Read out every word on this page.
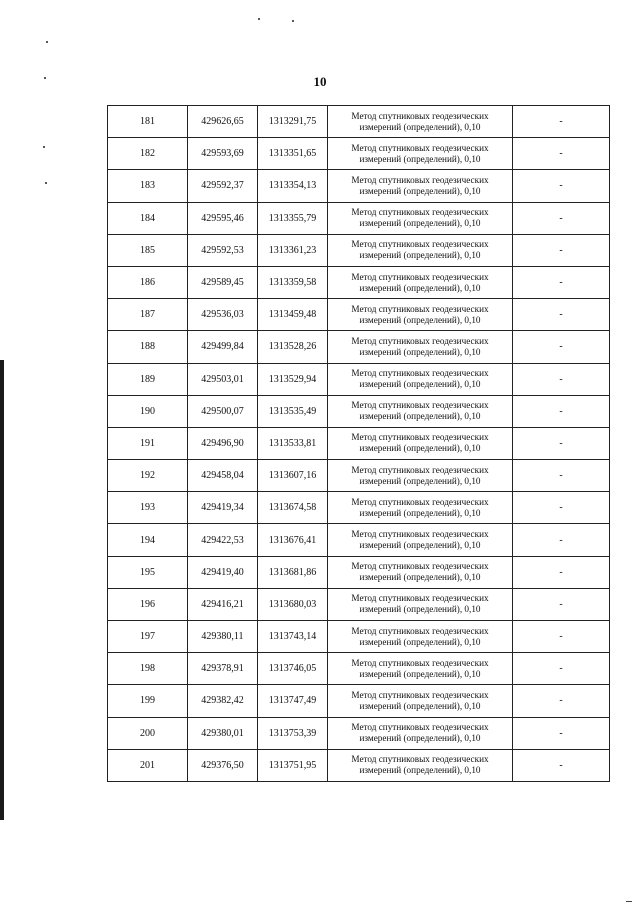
10
181	429626,65	1313291,75	Метод спутниковых геодезических
измерений (определений), 0,10	-
182	429593,69	1313351,65	Метод спутниковых геодезических
измерений (определений), 0,10	-
183	429592,37	1313354,13	Метод спутниковых геодезических
измерений (определений), 0,10	-
184	429595,46	1313355,79	Метод спутниковых геодезических
измерений (определений), 0,10	-
185	429592,53	1313361,23	Метод спутниковых геодезических
измерений (определений), 0,10	-
186	429589,45	1313359,58	Метод спутниковых геодезических
измерений (определений), 0,10	-
187	429536,03	1313459,48	Метод спутниковых геодезических
измерений (определений), 0,10	-
188	429499,84	1313528,26	Метод спутниковых геодезических
измерений (определений), 0,10	-
189	429503,01	1313529,94	Метод спутниковых геодезических
измерений (определений), 0,10	-
190	429500,07	1313535,49	Метод спутниковых геодезических
измерений (определений), 0,10	-
191	429496,90	1313533,81	Метод спутниковых геодезических
измерений (определений), 0,10	-
192	429458,04	1313607,16	Метод спутниковых геодезических
измерений (определений), 0,10	-
193	429419,34	1313674,58	Метод спутниковых геодезических
измерений (определений), 0,10	-
194	429422,53	1313676,41	Метод спутниковых геодезических
измерений (определений), 0,10	-
195	429419,40	1313681,86	Метод спутниковых геодезических
измерений (определений), 0,10	-
196	429416,21	1313680,03	Метод спутниковых геодезических
измерений (определений), 0,10	-
197	429380,11	1313743,14	Метод спутниковых геодезических
измерений (определений), 0,10	-
198	429378,91	1313746,05	Метод спутниковых геодезических
измерений (определений), 0,10	-
199	429382,42	1313747,49	Метод спутниковых геодезических
измерений (определений), 0,10	-
200	429380,01	1313753,39	Метод спутниковых геодезических
измерений (определений), 0,10	-
201	429376,50	1313751,95	Метод спутниковых геодезических
измерений (определений), 0,10	-
